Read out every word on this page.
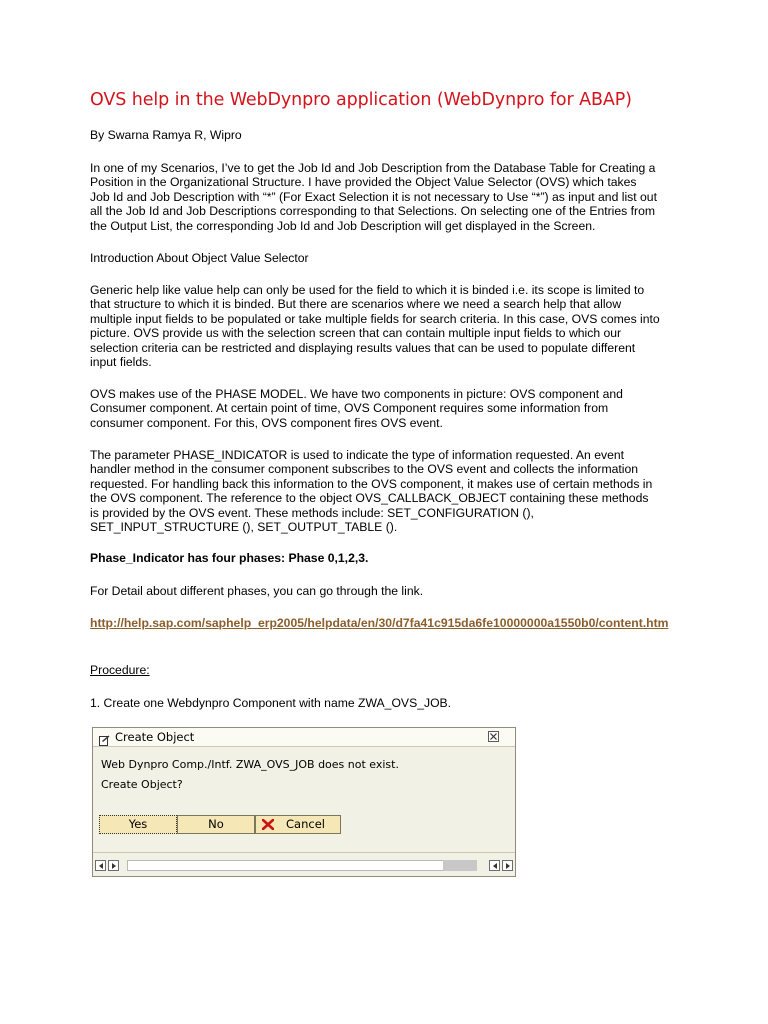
OVS help in the WebDynpro application (WebDynpro for ABAP)

By Swarna Ramya R, Wipro

In one of my Scenarios, I’ve to get the Job Id and Job Description from the Database Table for Creating a
Position in the Organizational Structure. I have provided the Object Value Selector (OVS) which takes
Job Id and Job Description with “*” (For Exact Selection it is not necessary to Use “*”) as input and list out
all the Job Id and Job Descriptions corresponding to that Selections. On selecting one of the Entries from
the Output List, the corresponding Job Id and Job Description will get displayed in the Screen.

Introduction About Object Value Selector

Generic help like value help can only be used for the field to which it is binded i.e. its scope is limited to
that structure to which it is binded. But there are scenarios where we need a search help that allow
multiple input fields to be populated or take multiple fields for search criteria. In this case, OVS comes into
picture. OVS provide us with the selection screen that can contain multiple input fields to which our
selection criteria can be restricted and displaying results values that can be used to populate different
input fields.
OVS makes use of the PHASE MODEL. We have two components in picture: OVS component and
Consumer component. At certain point of time, OVS Component requires some information from
consumer component. For this, OVS component fires OVS event.
The parameter PHASE_INDICATOR is used to indicate the type of information requested. An event
handler method in the consumer component subscribes to the OVS event and collects the information
requested. For handling back this information to the OVS component, it makes use of certain methods in
the OVS component. The reference to the object OVS_CALLBACK_OBJECT containing these methods
is provided by the OVS event. These methods include: SET_CONFIGURATION (),
SET_INPUT_STRUCTURE (), SET_OUTPUT_TABLE ().

Phase_Indicator has four phases: Phase 0,1,2,3.

For Detail about different phases, you can go through the link.

http://help.sap.com/saphelp_erp2005/helpdata/en/30/d7fa41c915da6fe10000000a1550b0/content.htm

Procedure:

1. Create one Webdynpro Component with name ZWA_OVS_JOB.

Create Object
Web Dynpro Comp./Intf. ZWA_OVS_JOB does not exist.
Create Object?
Yes	No	Cancel
